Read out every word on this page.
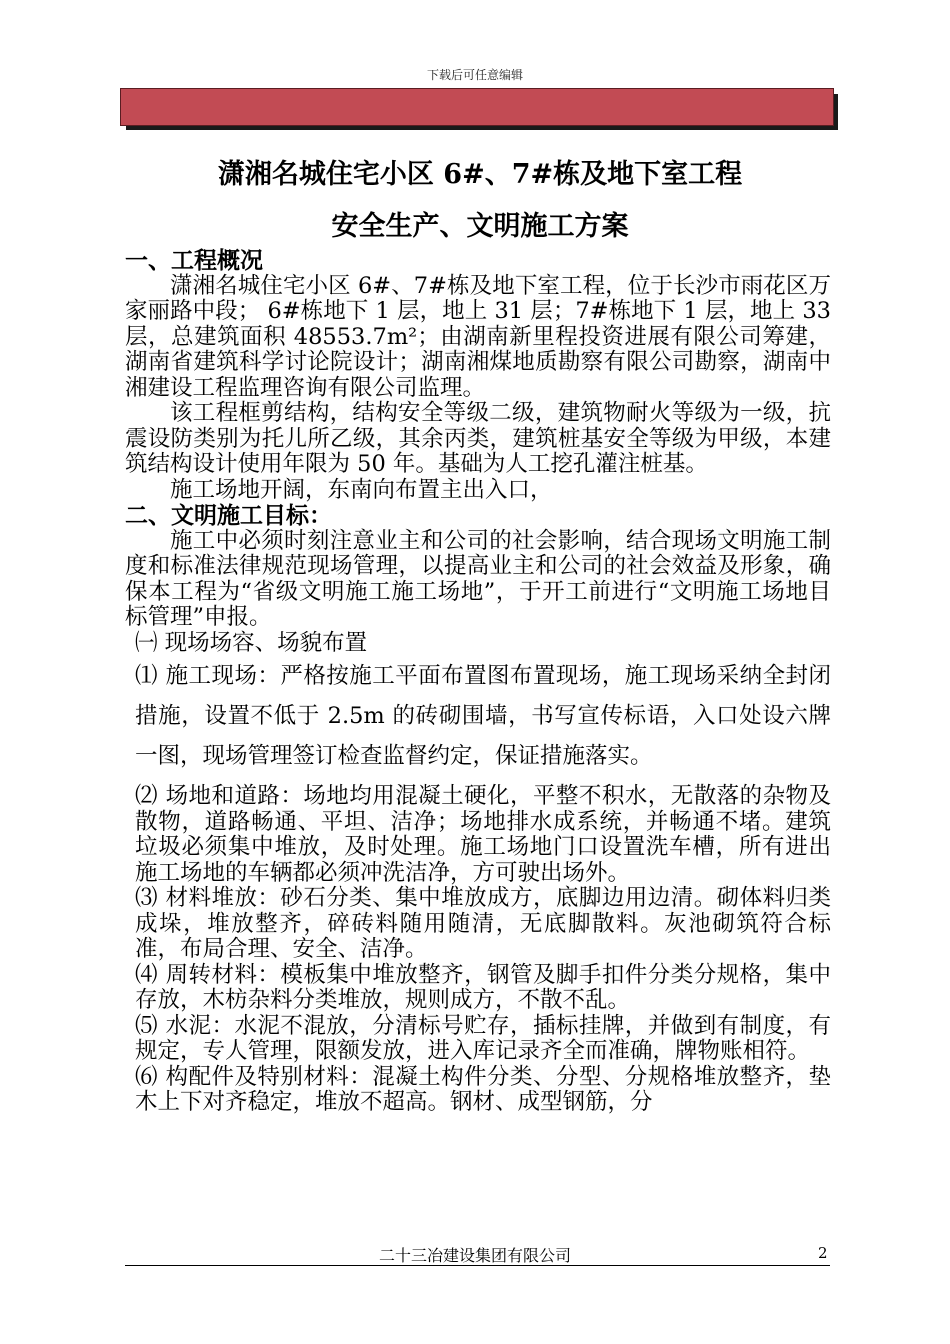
下载后可任意编辑
潇湘名城住宅小区 6#、7#栋及地下室工程
安全生产、文明施工方案

一、工程概况

潇湘名城住宅小区 6#、7#栋及地下室工程，位于长沙市雨花区万家丽路中段； 6#栋地下 1 层，地上 31 层；7#栋地下 1 层，地上 33 层，总建筑面积 48553.7m²；由湖南新里程投资进展有限公司筹建，湖南省建筑科学讨论院设计；湖南湘煤地质勘察有限公司勘察，湖南中湘建设工程监理咨询有限公司监理。

该工程框剪结构，结构安全等级二级，建筑物耐火等级为一级，抗震设防类别为托儿所乙级，其余丙类，建筑桩基安全等级为甲级，本建筑结构设计使用年限为 50 年。基础为人工挖孔灌注桩基。

施工场地开阔，东南向布置主出入口，

二、文明施工目标：

施工中必须时刻注意业主和公司的社会影响，结合现场文明施工制度和标准法律规范现场管理，以提高业主和公司的社会效益及形象，确保本工程为“省级文明施工施工场地”，于开工前进行“文明施工场地目标管理”申报。

㈠ 现场场容、场貌布置

⑴ 施工现场：严格按施工平面布置图布置现场，施工现场采纳全封闭措施，设置不低于 2.5m 的砖砌围墙，书写宣传标语，入口处设六牌一图，现场管理签订检查监督约定，保证措施落实。

⑵ 场地和道路：场地均用混凝土硬化，平整不积水，无散落的杂物及散物，道路畅通、平坦、洁净；场地排水成系统，并畅通不堵。建筑垃圾必须集中堆放，及时处理。施工场地门口设置洗车槽，所有进出施工场地的车辆都必须冲洗洁净，方可驶出场外。

⑶ 材料堆放：砂石分类、集中堆放成方，底脚边用边清。砌体料归类成垛，堆放整齐，碎砖料随用随清，无底脚散料。灰池砌筑符合标准，布局合理、安全、洁净。

⑷ 周转材料：模板集中堆放整齐，钢管及脚手扣件分类分规格，集中存放，木枋杂料分类堆放，规则成方，不散不乱。

⑸ 水泥：水泥不混放，分清标号贮存，插标挂牌，并做到有制度，有规定，专人管理，限额发放，进入库记录齐全而准确，牌物账相符。

⑹ 构配件及特别材料：混凝土构件分类、分型、分规格堆放整齐，垫木上下对齐稳定，堆放不超高。钢材、成型钢筋，分

二十三冶建设集团有限公司	2
